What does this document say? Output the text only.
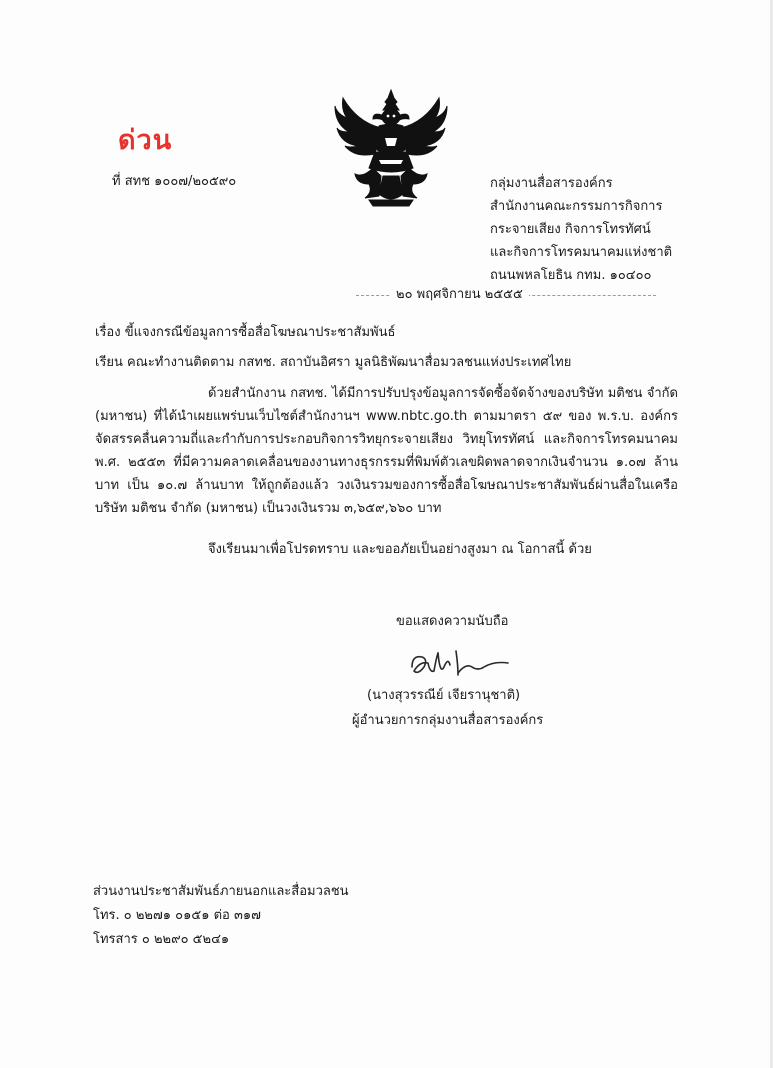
ด่วน
ที่ สทช ๑๐๐๗/๒๐๕๙๐	กลุ่มงานสื่อสารองค์กร
สำนักงานคณะกรรมการกิจการ
กระจายเสียง กิจการโทรทัศน์
และกิจการโทรคมนาคมแห่งชาติ
ถนนพหลโยธิน กทม. ๑๐๔๐๐
๒๐ พฤศจิกายน ๒๕๕๕
เรื่อง ขี้แจงกรณีข้อมูลการซื้อสื่อโฆษณาประชาสัมพันธ์
เรียน คณะทำงานติดตาม กสทช. สถาบันอิศรา มูลนิธิพัฒนาสื่อมวลชนแห่งประเทศไทย

ด้วยสำนักงาน กสทช. ได้มีการปรับปรุงข้อมูลการจัดซื้อจัดจ้างของบริษัท มติชน จำกัด (มหาชน) ที่ได้นำเผยแพร่บนเว็บไซต์สำนักงานฯ www.nbtc.go.th ตามมาตรา ๕๙ ของ พ.ร.บ. องค์กรจัดสรรคลื่นความถี่และกำกับการประกอบกิจการวิทยุกระจายเสียง วิทยุโทรทัศน์ และกิจการโทรคมนาคม พ.ศ. ๒๕๕๓ ที่มีความคลาดเคลื่อนของงานทางธุรกรรมที่พิมพ์ตัวเลขผิดพลาดจากเงินจำนวน ๑.๐๗ ล้านบาท เป็น ๑๐.๗ ล้านบาท ให้ถูกต้องแล้ว วงเงินรวมของการซื้อสื่อโฆษณาประชาสัมพันธ์ผ่านสื่อในเครือบริษัท มติชน จำกัด (มหาชน) เป็นวงเงินรวม ๓,๖๕๙,๖๖๐ บาท

จึงเรียนมาเพื่อโปรดทราบ และขออภัยเป็นอย่างสูงมา ณ โอกาสนี้ ด้วย
ขอแสดงความนับถือ
(นางสุวรรณีย์ เจียรานุชาติ)
ผู้อำนวยการกลุ่มงานสื่อสารองค์กร
ส่วนงานประชาสัมพันธ์ภายนอกและสื่อมวลชน
โทร. ๐ ๒๒๗๑ ๐๑๕๑ ต่อ ๓๑๗
โทรสาร ๐ ๒๒๙๐ ๕๒๔๑
